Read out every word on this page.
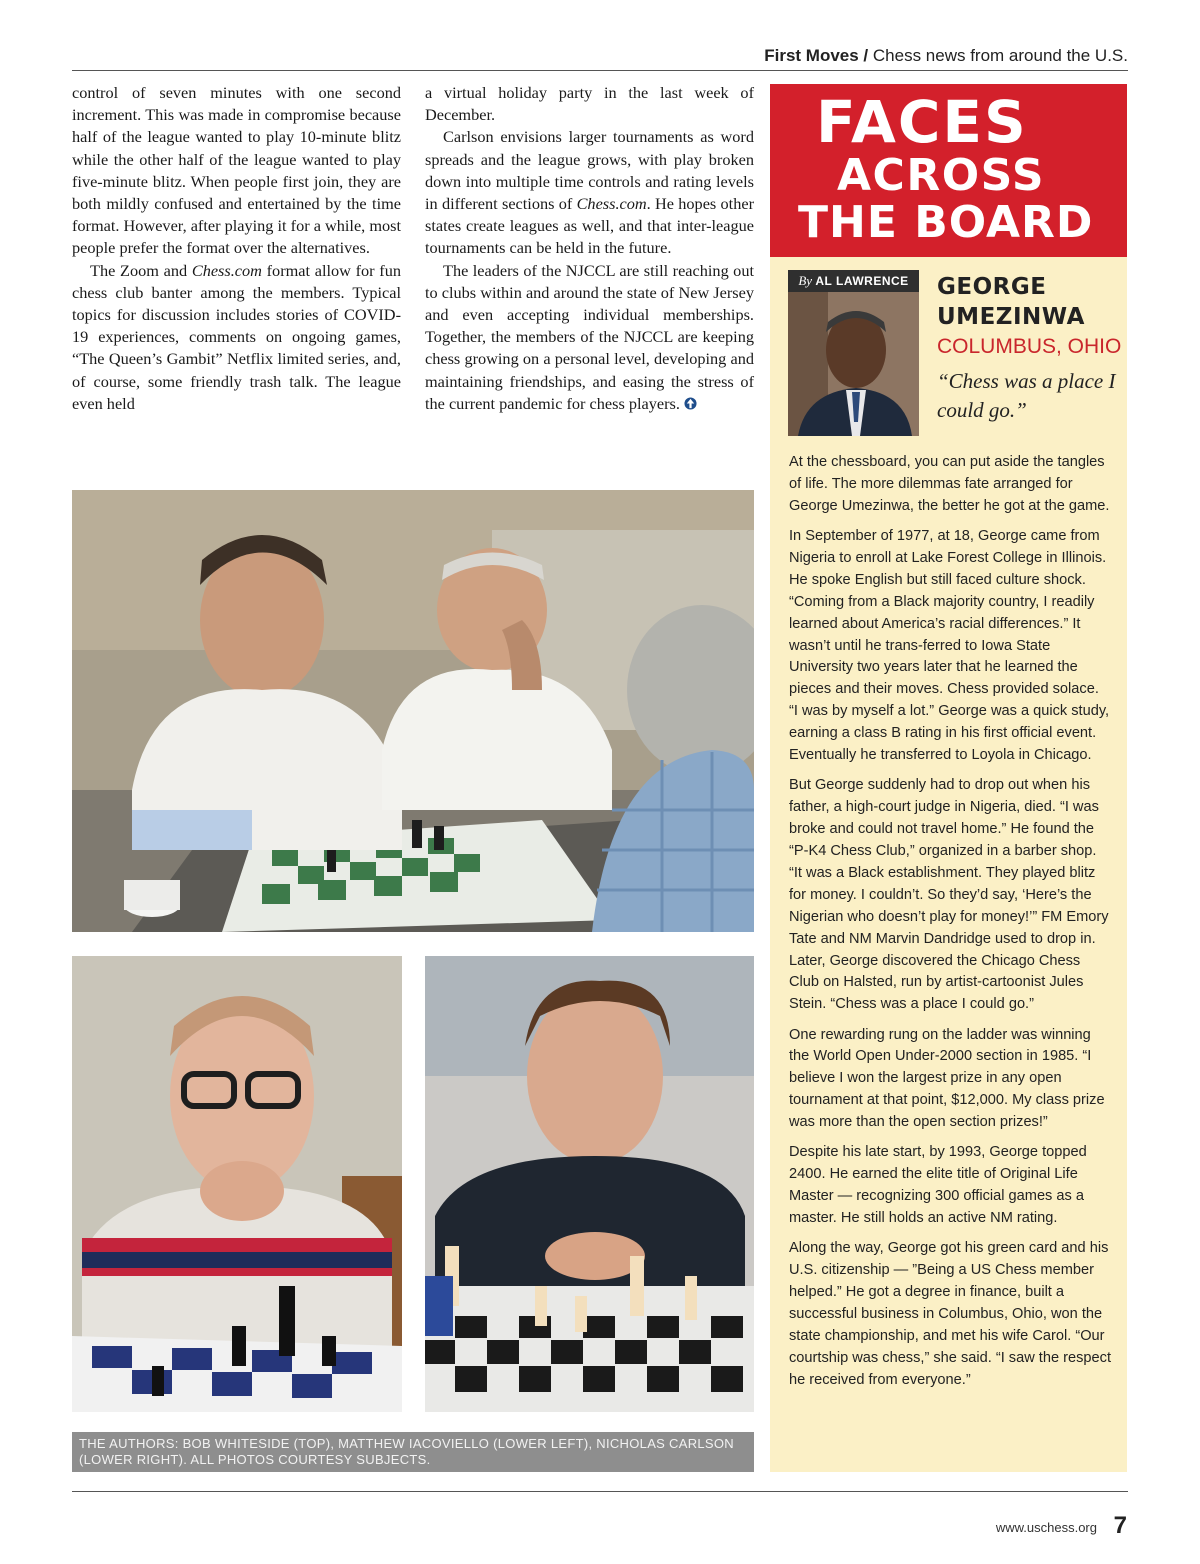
First Moves / Chess news from around the U.S.

control of seven minutes with one second increment. This was made in compromise because half of the league wanted to play 10-minute blitz while the other half of the league wanted to play five-minute blitz. When people first join, they are both mildly confused and entertained by the time format. However, after playing it for a while, most people prefer the format over the alternatives.

The Zoom and Chess.com format allow for fun chess club banter among the members. Typical topics for discussion includes stories of COVID-19 experiences, comments on ongoing games, “The Queen’s Gambit” Netflix limited series, and, of course, some friendly trash talk. The league even held

a virtual holiday party in the last week of December.

Carlson envisions larger tournaments as word spreads and the league grows, with play broken down into multiple time controls and rating levels in different sections of Chess.com. He hopes other states create leagues as well, and that inter-league tournaments can be held in the future.

The leaders of the NJCCL are still reaching out to clubs within and around the state of New Jersey and even accepting individual memberships. Together, the members of the NJCCL are keeping chess growing on a personal level, developing and maintaining friendships, and easing the stress of the current pandemic for chess players.

THE AUTHORS: BOB WHITESIDE (TOP), MATTHEW IACOVIELLO (LOWER LEFT), NICHOLAS CARLSON (LOWER RIGHT). ALL PHOTOS COURTESY SUBJECTS.
FACES
ACROSS
THE BOARD
By AL LAWRENCE	GEORGE UMEZINWA
COLUMBUS, OHIO
“Chess was a place I could go.”

At the chessboard, you can put aside the tangles of life. The more dilemmas fate arranged for George Umezinwa, the better he got at the game.

In September of 1977, at 18, George came from Nigeria to enroll at Lake Forest College in Illinois. He spoke English but still faced culture shock. “Coming from a Black majority country, I readily learned about America’s racial differences.” It wasn’t until he trans-ferred to Iowa State University two years later that he learned the pieces and their moves. Chess provided solace. “I was by myself a lot.” George was a quick study, earning a class B rating in his first official event. Eventually he transferred to Loyola in Chicago.

But George suddenly had to drop out when his father, a high-court judge in Nigeria, died. “I was broke and could not travel home.” He found the “P-K4 Chess Club,” organized in a barber shop. “It was a Black establishment. They played blitz for money. I couldn’t. So they’d say, ‘Here’s the Nigerian who doesn’t play for money!’” FM Emory Tate and NM Marvin Dandridge used to drop in. Later, George discovered the Chicago Chess Club on Halsted, run by artist-cartoonist Jules Stein. “Chess was a place I could go.”

One rewarding rung on the ladder was winning the World Open Under-2000 section in 1985. “I believe I won the largest prize in any open tournament at that point, $12,000. My class prize was more than the open section prizes!”

Despite his late start, by 1993, George topped 2400. He earned the elite title of Original Life Master — recognizing 300 official games as a master. He still holds an active NM rating.

Along the way, George got his green card and his U.S. citizenship — ”Being a US Chess member helped.” He got a degree in finance, built a successful business in Columbus, Ohio, won the state championship, and met his wife Carol. “Our courtship was chess,” she said. “I saw the respect he received from everyone.”

www.uschess.org 7
